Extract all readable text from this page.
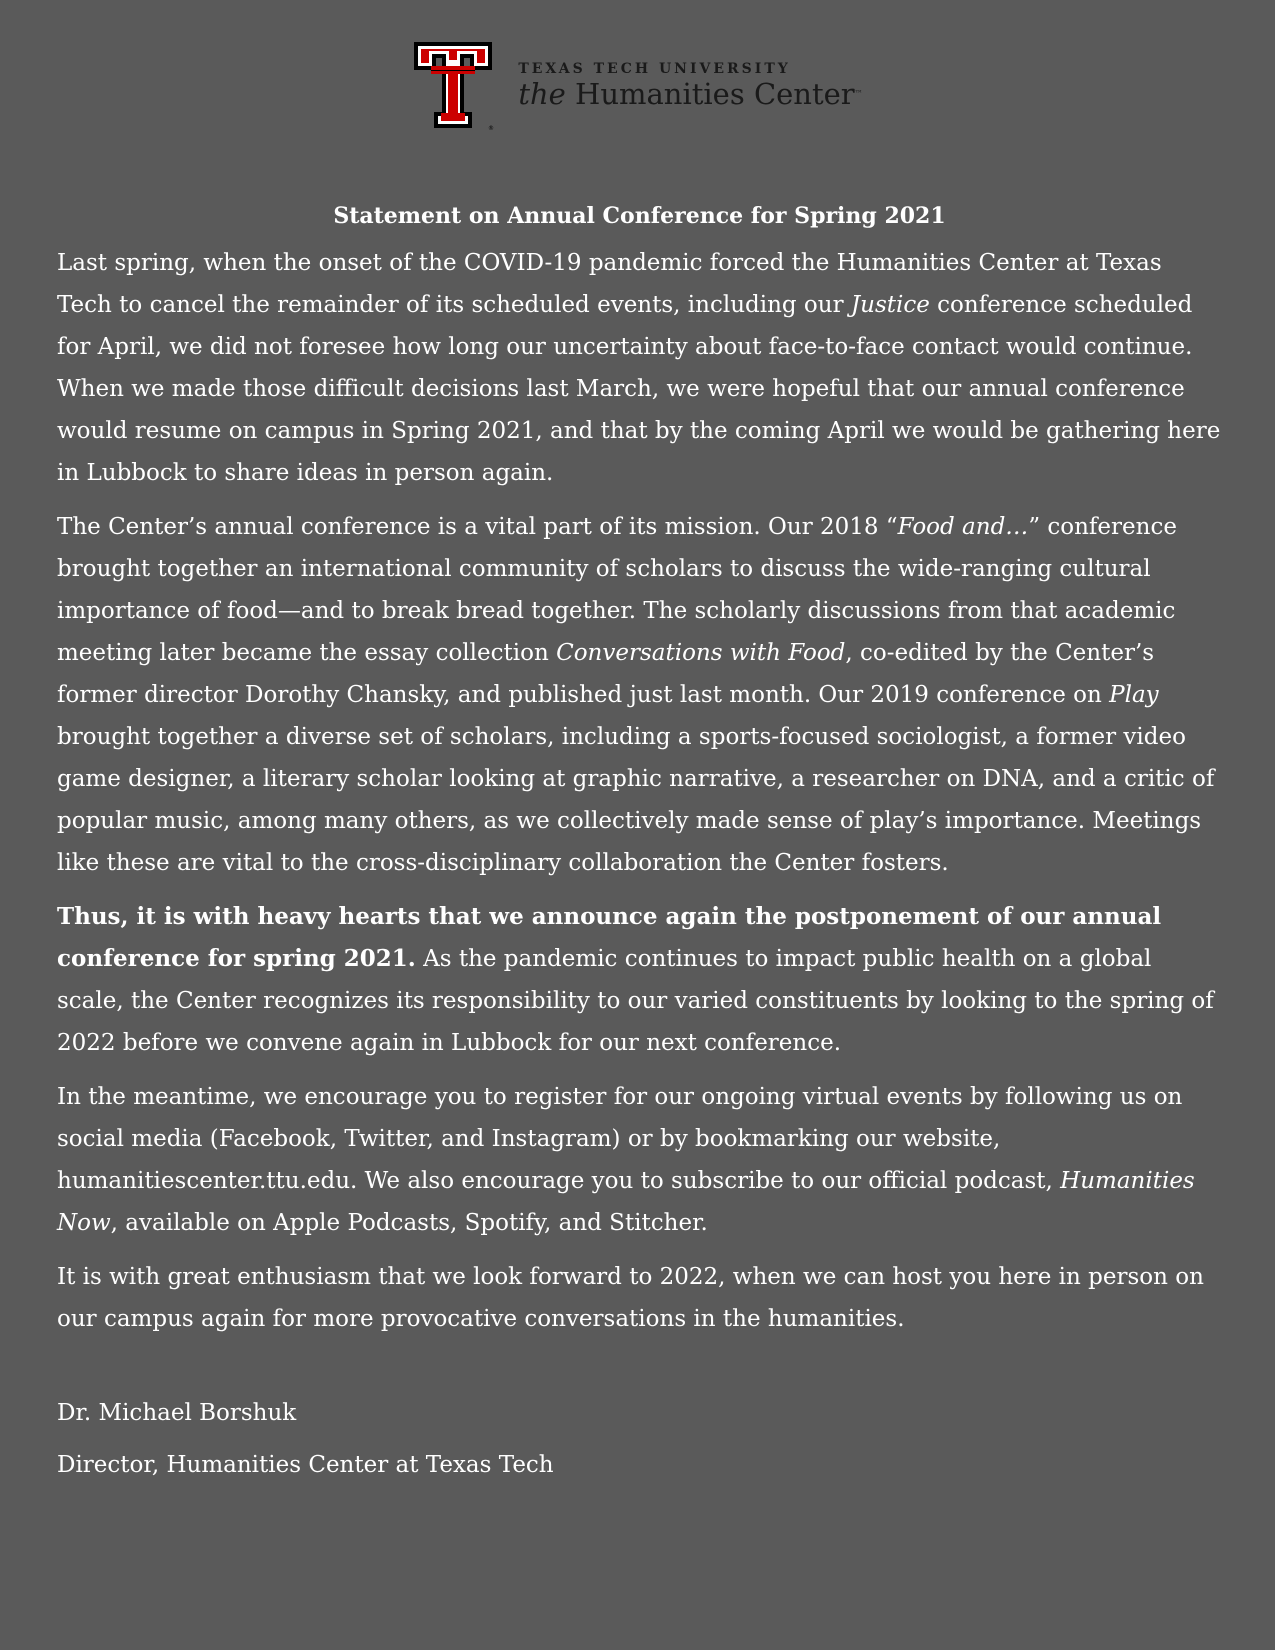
®
TEXAS TECH UNIVERSITY
the Humanities Center™
Statement on Annual Conference for Spring 2021

Last spring, when the onset of the COVID-19 pandemic forced the Humanities Center at Texas Tech to cancel the remainder of its scheduled events, including our Justice conference scheduled for April, we did not foresee how long our uncertainty about face-to-face contact would continue. When we made those difficult decisions last March, we were hopeful that our annual conference would resume on campus in Spring 2021, and that by the coming April we would be gathering here in Lubbock to share ideas in person again.

The Center’s annual conference is a vital part of its mission. Our 2018 “Food and…” conference brought together an international community of scholars to discuss the wide-ranging cultural importance of food—and to break bread together. The scholarly discussions from that academic meeting later became the essay collection Conversations with Food, co-edited by the Center’s former director Dorothy Chansky, and published just last month. Our 2019 conference on Play brought together a diverse set of scholars, including a sports-focused sociologist, a former video game designer, a literary scholar looking at graphic narrative, a researcher on DNA, and a critic of popular music, among many others, as we collectively made sense of play’s importance. Meetings like these are vital to the cross-disciplinary collaboration the Center fosters.

Thus, it is with heavy hearts that we announce again the postponement of our annual conference for spring 2021. As the pandemic continues to impact public health on a global scale, the Center recognizes its responsibility to our varied constituents by looking to the spring of 2022 before we convene again in Lubbock for our next conference.

In the meantime, we encourage you to register for our ongoing virtual events by following us on social media (Facebook, Twitter, and Instagram) or by bookmarking our website, humanitiescenter.ttu.edu. We also encourage you to subscribe to our official podcast, Humanities Now, available on Apple Podcasts, Spotify, and Stitcher.

It is with great enthusiasm that we look forward to 2022, when we can host you here in person on our campus again for more provocative conversations in the humanities.

Dr. Michael Borshuk
Director, Humanities Center at Texas Tech
